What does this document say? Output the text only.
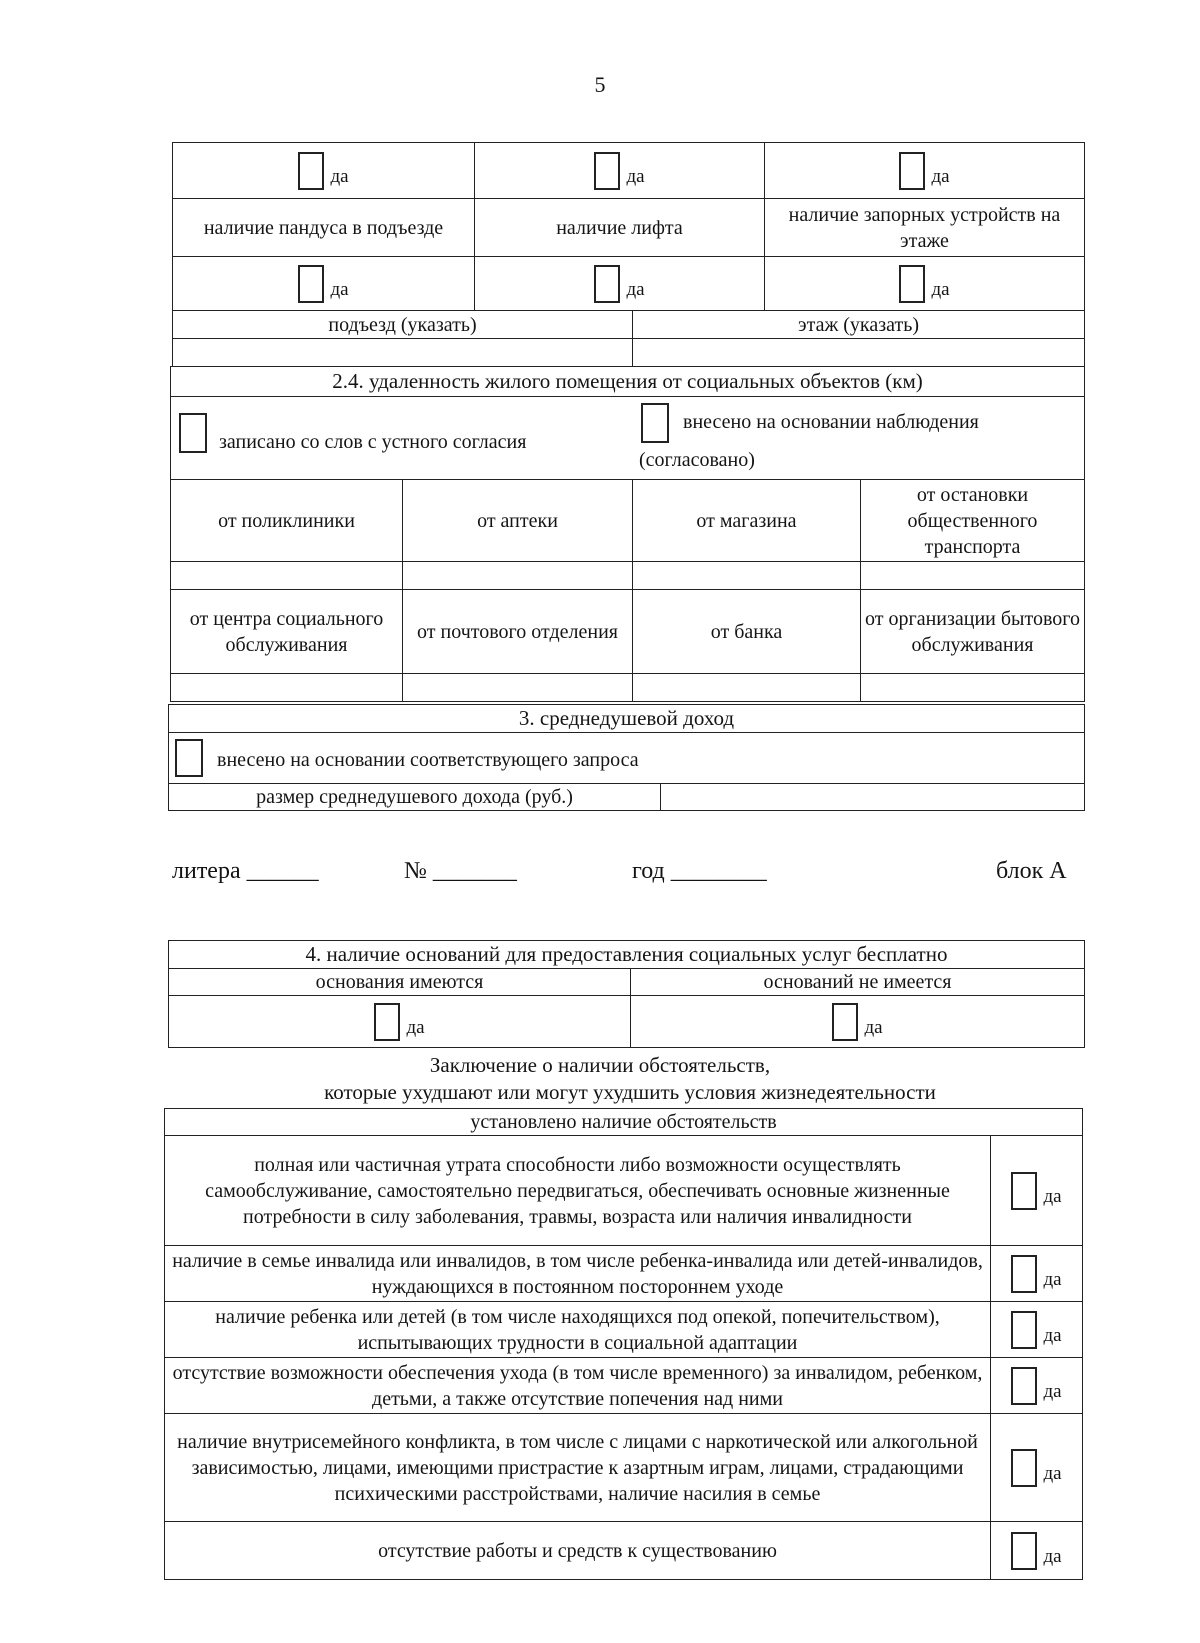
5
да	да	да
наличие пандуса в подъезде	наличие лифта	наличие запорных устройств на этаже
да	да	да
подъезд (указать)	этаж (указать)

2.4. удаленность жилого помещения от социальных объектов (км)			

записано со слов с устного согласия
внесено на основании наблюдения
(согласовано)			

от поликлиники	от аптеки	от магазина	от остановки общественного транспорта

от центра социального обслуживания	от почтового отделения	от банка	от организации бытового обслуживания

3. среднедушевой доход

внесено на основании соответствующего запроса

размер среднедушевого дохода (руб.)	
литера ______	№ _______	год ________	блок А
4. наличие оснований для предоставления социальных услуг бесплатно	
основания имеются	оснований не имеется
да	да
Заключение о наличии обстоятельств,
которые ухудшают или могут ухудшить условия жизнедеятельности
установлено наличие обстоятельств	
полная или частичная утрата способности либо возможности осуществлять самообслуживание, самостоятельно передвигаться, обеспечивать основные жизненные потребности в силу заболевания, травмы, возраста или наличия инвалидности	да
наличие в семье инвалида или инвалидов, в том числе ребенка-инвалида или детей-инвалидов, нуждающихся в постоянном постороннем уходе	да
наличие ребенка или детей (в том числе находящихся под опекой, попечительством), испытывающих трудности в социальной адаптации	да
отсутствие возможности обеспечения ухода (в том числе временного) за инвалидом, ребенком, детьми, а также отсутствие попечения над ними	да
наличие внутрисемейного конфликта, в том числе с лицами с наркотической или алкогольной зависимостью, лицами, имеющими пристрастие к азартным играм, лицами, страдающими психическими расстройствами, наличие насилия в семье	да
отсутствие работы и средств к существованию	да
